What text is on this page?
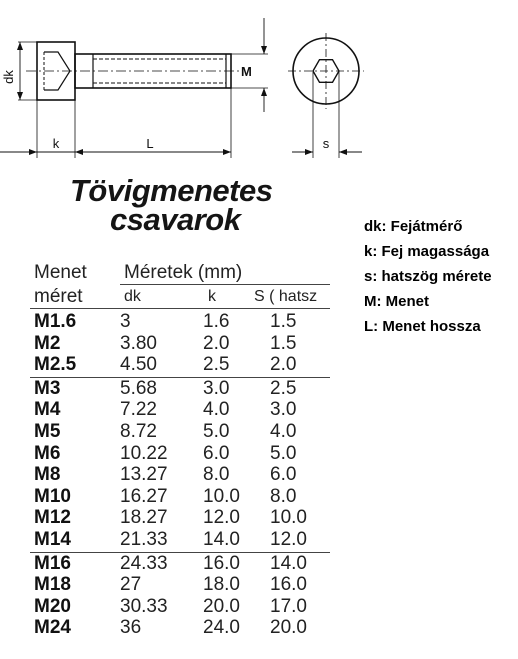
dk
k	L
M
s
Tövigmenetes
csavarok	dk: Fejátmérő
k: Fej magassága
s: hatszög mérete
M: Menet
L: Menet hossza
Menet
méret
Méretek (mm)
dk	k S ( hatsz
M1.6 3	1.6 1.5
M2	3.80 2.0 1.5
M2.5 4.50 2.5 2.0
M3	5.68 3.0 2.5
M4	7.22 4.0 3.0
M5	8.72 5.0 4.0
M6	10.22 6.0 5.0
M8	13.27 8.0 6.0
M10	16.27 10.0 8.0
M12	18.27 12.0 10.0
M14	21.33 14.0 12.0
M16	24.33 16.0 14.0
M18	27	18.0 16.0
M20	30.33 20.0 17.0
M24	36	24.0 20.0
